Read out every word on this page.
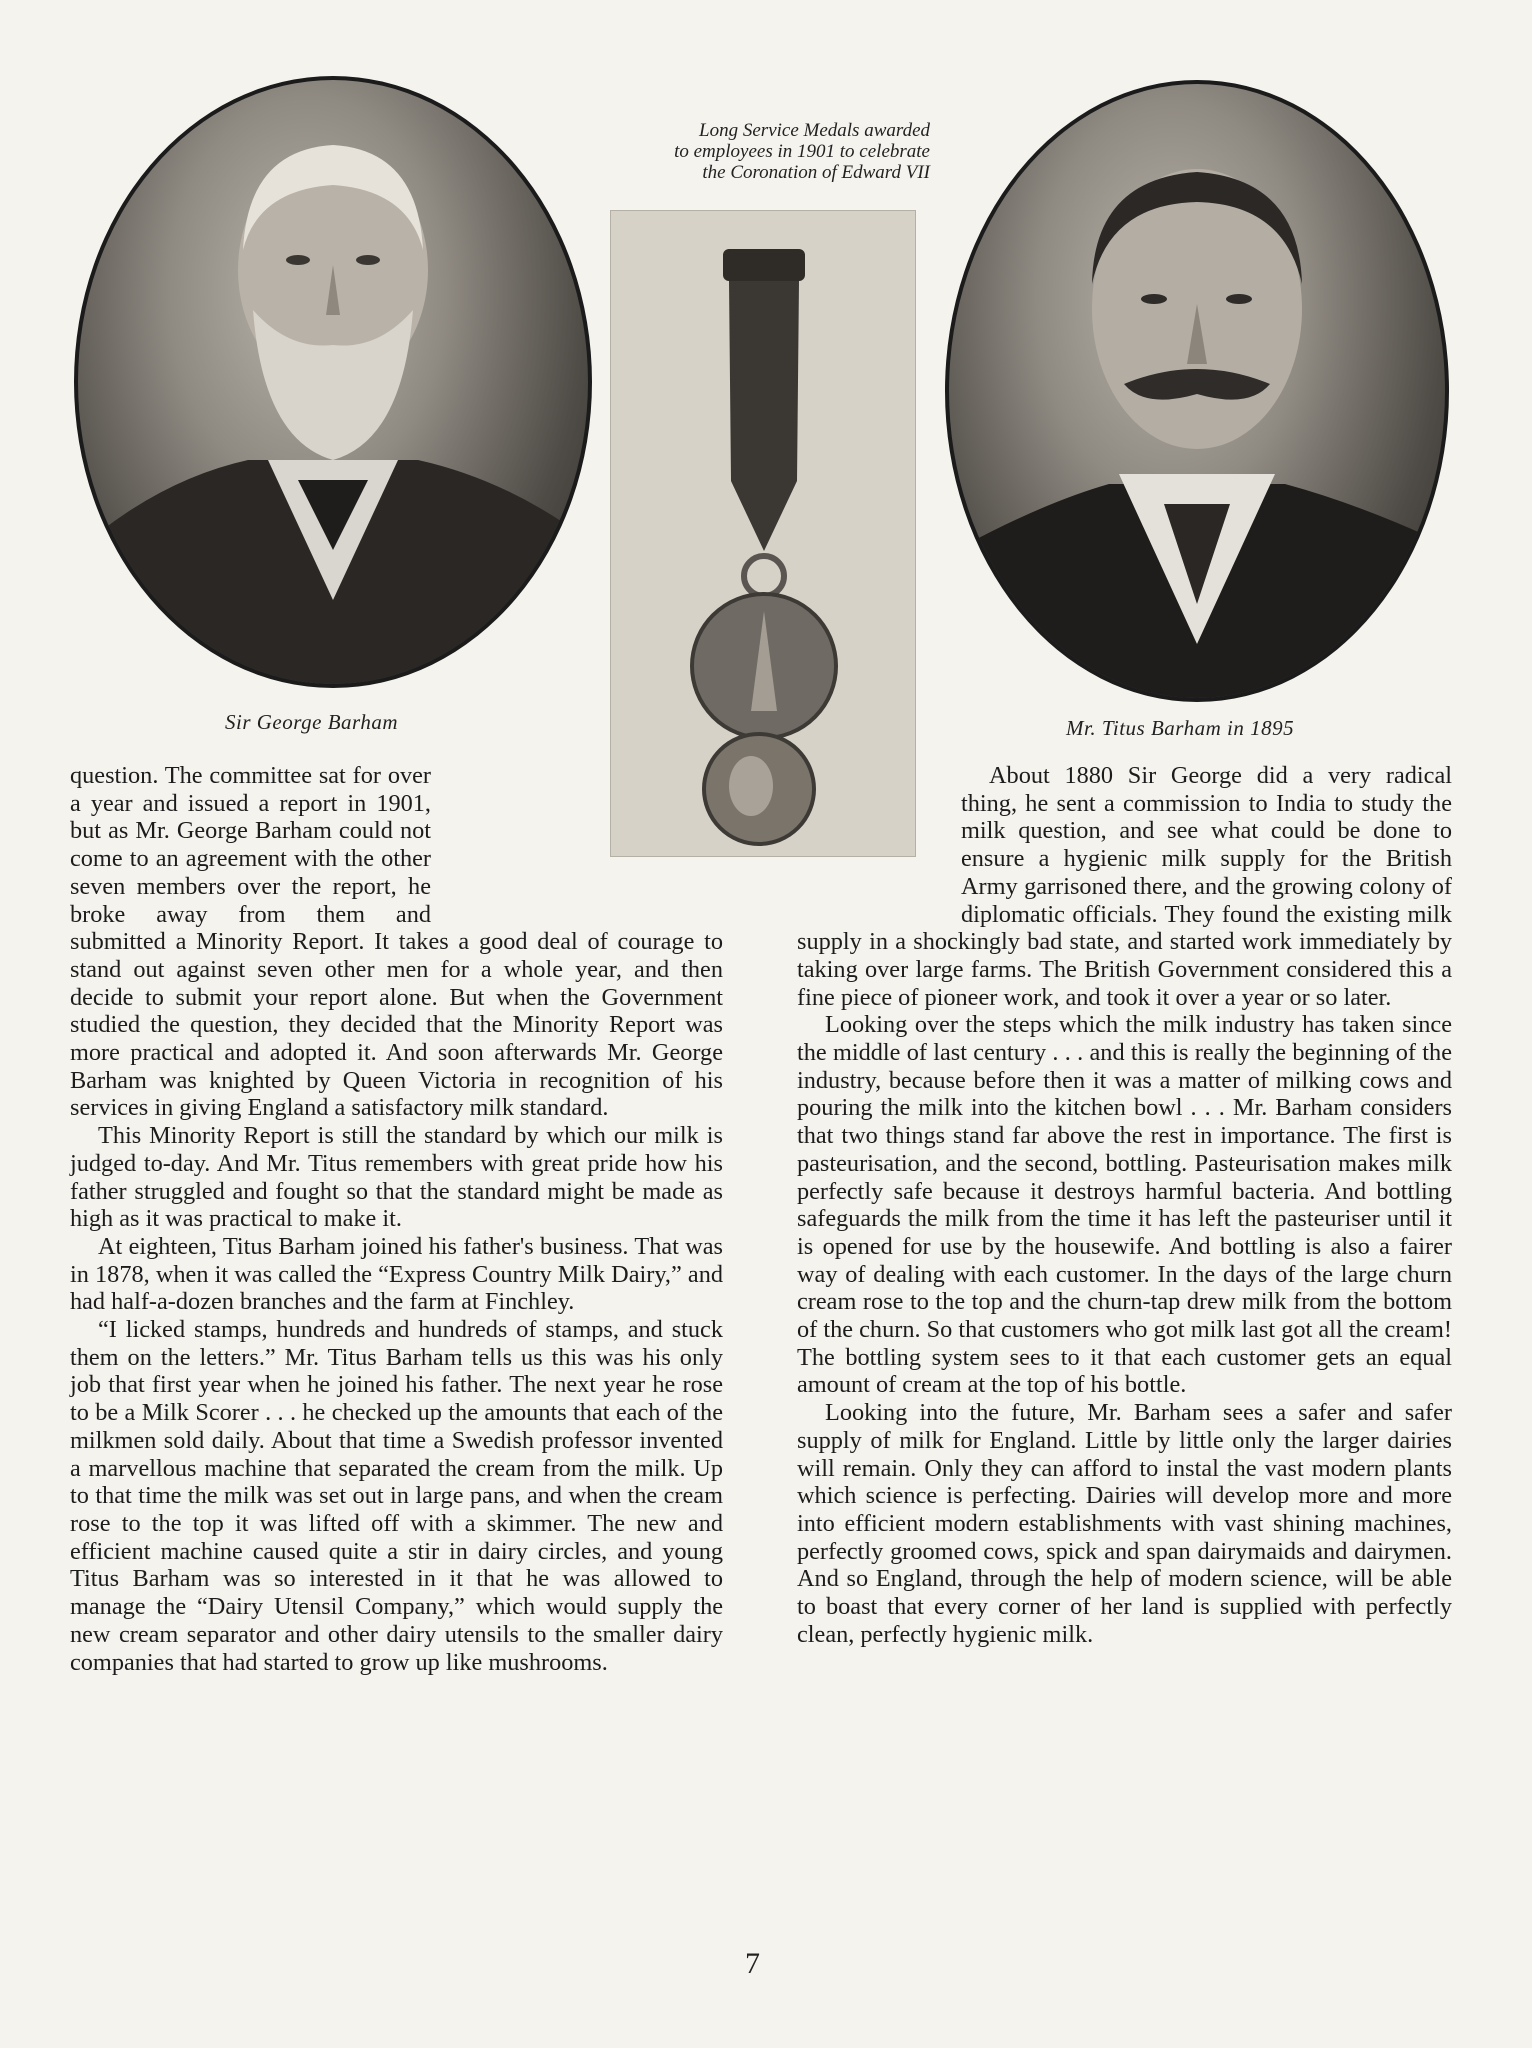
Sir George Barham
Long Service Medals awarded
to employees in 1901 to celebrate
the Coronation of Edward VII
Mr. Titus Barham in 1895

question. The committee sat for over a year and issued a report in 1901, but as Mr. George Barham could not come to an agreement with the other seven members over the report, he broke away from them and submitted a Minority Report. It takes a good deal of courage to stand out against seven other men for a whole year, and then decide to submit your report alone. But when the Government studied the question, they decided that the Minority Report was more practical and adopted it. And soon afterwards Mr. George Barham was knighted by Queen Victoria in recognition of his services in giving England a satisfactory milk standard.

This Minority Report is still the standard by which our milk is judged to-day. And Mr. Titus remembers with great pride how his father struggled and fought so that the standard might be made as high as it was practical to make it.

At eighteen, Titus Barham joined his father's business. That was in 1878, when it was called the “Express Country Milk Dairy,” and had half-a-dozen branches and the farm at Finchley.

“I licked stamps, hundreds and hundreds of stamps, and stuck them on the letters.” Mr. Titus Barham tells us this was his only job that first year when he joined his father. The next year he rose to be a Milk Scorer . . . he checked up the amounts that each of the milkmen sold daily. About that time a Swedish professor invented a marvellous machine that separated the cream from the milk. Up to that time the milk was set out in large pans, and when the cream rose to the top it was lifted off with a skimmer. The new and efficient machine caused quite a stir in dairy circles, and young Titus Barham was so interested in it that he was allowed to manage the “Dairy Utensil Company,” which would supply the new cream separator and other dairy utensils to the smaller dairy companies that had started to grow up like mushrooms.

About 1880 Sir George did a very radical thing, he sent a commission to India to study the milk question, and see what could be done to ensure a hygienic milk supply for the British Army garrisoned there, and the growing colony of diplomatic officials. They found the existing milk supply in a shockingly bad state, and started work immediately by taking over large farms. The British Government considered this a fine piece of pioneer work, and took it over a year or so later.

Looking over the steps which the milk industry has taken since the middle of last century . . . and this is really the beginning of the industry, because before then it was a matter of milking cows and pouring the milk into the kitchen bowl . . . Mr. Barham considers that two things stand far above the rest in importance. The first is pasteurisation, and the second, bottling. Pasteurisation makes milk perfectly safe because it destroys harmful bacteria. And bottling safeguards the milk from the time it has left the pasteuriser until it is opened for use by the housewife. And bottling is also a fairer way of dealing with each customer. In the days of the large churn cream rose to the top and the churn-tap drew milk from the bottom of the churn. So that customers who got milk last got all the cream! The bottling system sees to it that each customer gets an equal amount of cream at the top of his bottle.

Looking into the future, Mr. Barham sees a safer and safer supply of milk for England. Little by little only the larger dairies will remain. Only they can afford to instal the vast modern plants which science is perfecting. Dairies will develop more and more into efficient modern establishments with vast shining machines, perfectly groomed cows, spick and span dairymaids and dairymen. And so England, through the help of modern science, will be able to boast that every corner of her land is supplied with perfectly clean, perfectly hygienic milk.

7
